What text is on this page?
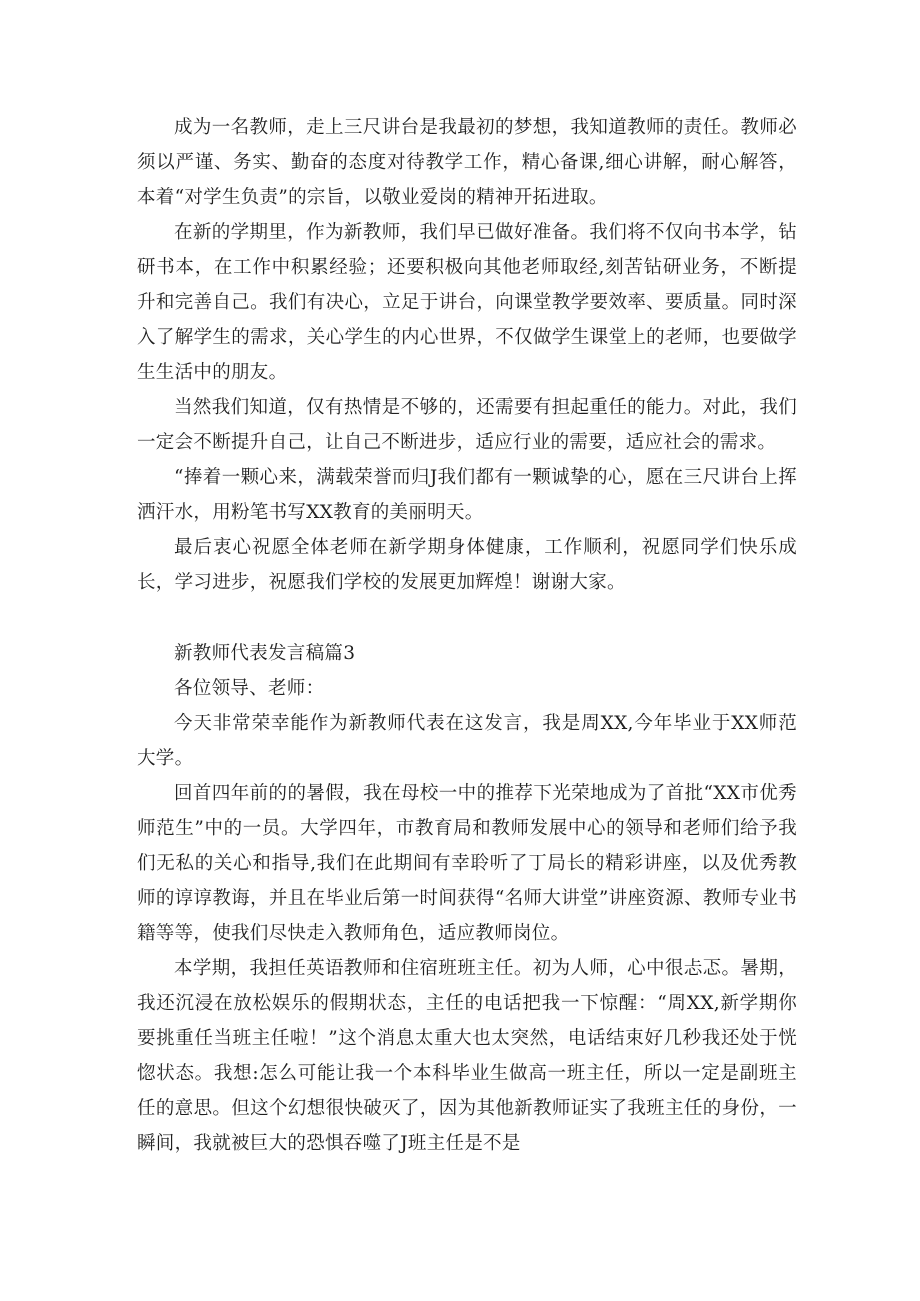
成为一名教师，走上三尺讲台是我最初的梦想，我知道教师的责任。教师必须以严谨、务实、勤奋的态度对待教学工作，精心备课,细心讲解，耐心解答，本着“对学生负责”的宗旨，以敬业爱岗的精神开拓进取。

在新的学期里，作为新教师，我们早已做好准备。我们将不仅向书本学，钻研书本，在工作中积累经验；还要积极向其他老师取经,刻苦钻研业务，不断提升和完善自己。我们有决心，立足于讲台，向课堂教学要效率、要质量。同时深入了解学生的需求，关心学生的内心世界，不仅做学生课堂上的老师，也要做学生生活中的朋友。

当然我们知道，仅有热情是不够的，还需要有担起重任的能力。对此，我们一定会不断提升自己，让自己不断进步，适应行业的需要，适应社会的需求。

“捧着一颗心来，满载荣誉而归J我们都有一颗诚挚的心，愿在三尺讲台上挥洒汗水，用粉笔书写XX教育的美丽明天。

最后衷心祝愿全体老师在新学期身体健康，工作顺利，祝愿同学们快乐成长，学习进步，祝愿我们学校的发展更加辉煌！谢谢大家。

新教师代表发言稿篇3

各位领导、老师：

今天非常荣幸能作为新教师代表在这发言，我是周XX,今年毕业于XX师范大学。

回首四年前的的暑假，我在母校一中的推荐下光荣地成为了首批“XX市优秀师范生”中的一员。大学四年，市教育局和教师发展中心的领导和老师们给予我们无私的关心和指导,我们在此期间有幸聆听了丁局长的精彩讲座，以及优秀教师的谆谆教诲，并且在毕业后第一时间获得“名师大讲堂”讲座资源、教师专业书籍等等，使我们尽快走入教师角色，适应教师岗位。

本学期，我担任英语教师和住宿班班主任。初为人师，心中很忐忑。暑期，我还沉浸在放松娱乐的假期状态，主任的电话把我一下惊醒：“周XX,新学期你要挑重任当班主任啦！”这个消息太重大也太突然，电话结束好几秒我还处于恍惚状态。我想:怎么可能让我一个本科毕业生做高一班主任，所以一定是副班主任的意思。但这个幻想很快破灭了，因为其他新教师证实了我班主任的身份，一瞬间，我就被巨大的恐惧吞噬了J班主任是不是
